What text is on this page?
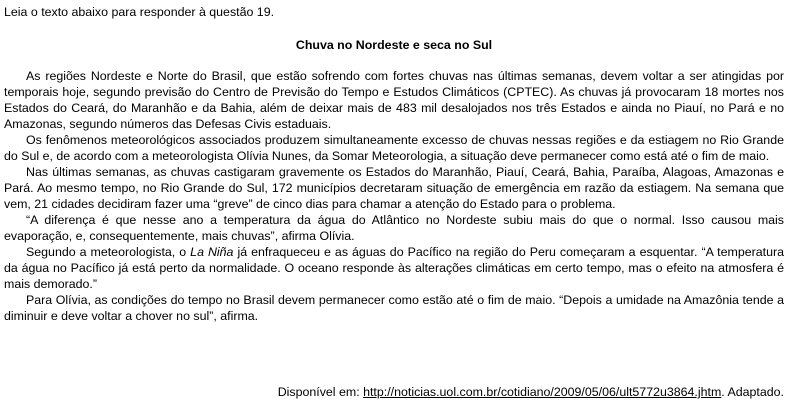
Leia o texto abaixo para responder à questão 19.

Chuva no Nordeste e seca no Sul

As regiões Nordeste e Norte do Brasil, que estão sofrendo com fortes chuvas nas últimas semanas, devem voltar a ser atingidas por temporais hoje, segundo previsão do Centro de Previsão do Tempo e Estudos Climáticos (CPTEC). As chuvas já provocaram 18 mortes nos Estados do Ceará, do Maranhão e da Bahia, além de deixar mais de 483 mil desalojados nos três Estados e ainda no Piauí, no Pará e no Amazonas, segundo números das Defesas Civis estaduais.

Os fenômenos meteorológicos associados produzem simultaneamente excesso de chuvas nessas regiões e da estiagem no Rio Grande do Sul e, de acordo com a meteorologista Olívia Nunes, da Somar Meteorologia, a situação deve permanecer como está até o fim de maio.

Nas últimas semanas, as chuvas castigaram gravemente os Estados do Maranhão, Piauí, Ceará, Bahia, Paraíba, Alagoas, Amazonas e Pará. Ao mesmo tempo, no Rio Grande do Sul, 172 municípios decretaram situação de emergência em razão da estiagem. Na semana que vem, 21 cidades decidiram fazer uma “greve” de cinco dias para chamar a atenção do Estado para o problema.

“A diferença é que nesse ano a temperatura da água do Atlântico no Nordeste subiu mais do que o normal. Isso causou mais evaporação, e, consequentemente, mais chuvas”, afirma Olívia.

Segundo a meteorologista, o La Niña já enfraqueceu e as águas do Pacífico na região do Peru começaram a esquentar. “A temperatura da água no Pacífico já está perto da normalidade. O oceano responde às alterações climáticas em certo tempo, mas o efeito na atmosfera é mais demorado.”

Para Olívia, as condições do tempo no Brasil devem permanecer como estão até o fim de maio. “Depois a umidade na Amazônia tende a diminuir e deve voltar a chover no sul”, afirma.

Disponível em: http://noticias.uol.com.br/cotidiano/2009/05/06/ult5772u3864.jhtm. Adaptado.
